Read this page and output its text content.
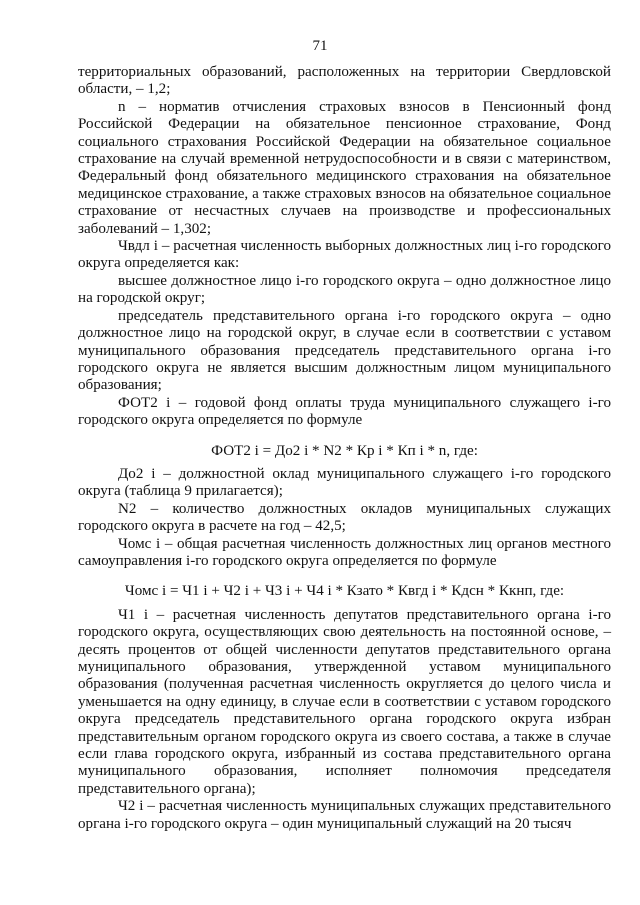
71

территориальных образований, расположенных на территории Свердловской области, – 1,2;

n – норматив отчисления страховых взносов в Пенсионный фонд Российской Федерации на обязательное пенсионное страхование, Фонд социального страхования Российской Федерации на обязательное социальное страхование на случай временной нетрудоспособности и в связи с материнством, Федеральный фонд обязательного медицинского страхования на обязательное медицинское страхование, а также страховых взносов на обязательное социальное страхование от несчастных случаев на производстве и профессиональных заболеваний – 1,302;

Чвдл i – расчетная численность выборных должностных лиц i-го городского округа определяется как:

высшее должностное лицо i-го городского округа – одно должностное лицо на городской округ;

председатель представительного органа i-го городского округа – одно должностное лицо на городской округ, в случае если в соответствии с уставом муниципального образования председатель представительного органа i-го городского округа не является высшим должностным лицом муниципального образования;

ФОТ2 i – годовой фонд оплаты труда муниципального служащего i-го городского округа определяется по формуле

ФОТ2 i = До2 i * N2 * Кр i * Кп i * n, где:

До2 i – должностной оклад муниципального служащего i-го городского округа (таблица 9 прилагается);

N2 – количество должностных окладов муниципальных служащих городского округа в расчете на год – 42,5;

Чомс i – общая расчетная численность должностных лиц органов местного самоуправления i-го городского округа определяется по формуле

Чомс i = Ч1 i + Ч2 i + Ч3 i + Ч4 i * Кзато * Квгд i * Кдсн * Ккнп, где:

Ч1 i – расчетная численность депутатов представительного органа i-го городского округа, осуществляющих свою деятельность на постоянной основе, – десять процентов от общей численности депутатов представительного органа муниципального образования, утвержденной уставом муниципального образования (полученная расчетная численность округляется до целого числа и уменьшается на одну единицу, в случае если в соответствии с уставом городского округа председатель представительного органа городского округа избран представительным органом городского округа из своего состава, а также в случае если глава городского округа, избранный из состава представительного органа муниципального образования, исполняет полномочия председателя представительного органа);

Ч2 i – расчетная численность муниципальных служащих представительного органа i-го городского округа – один муниципальный служащий на 20 тысяч
